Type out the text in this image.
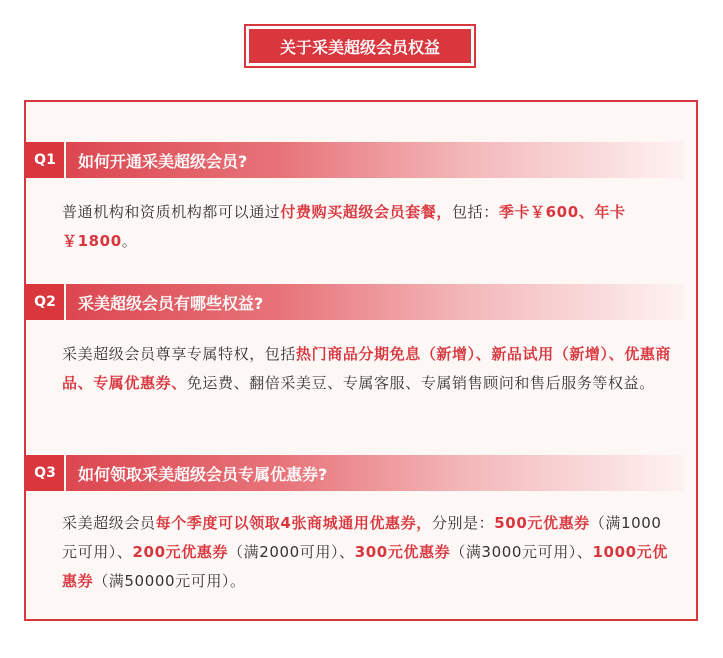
关于采美超级会员权益
Q1	如何开通采美超级会员?
普通机构和资质机构都可以通过付费购买超级会员套餐，包括：季卡￥600、年卡￥1800。
Q2	采美超级会员有哪些权益?
采美超级会员尊享专属特权，包括热门商品分期免息（新增）、新品试用（新增）、优惠商品、专属优惠券、免运费、翻倍采美豆、专属客服、专属销售顾问和售后服务等权益。
Q3	如何领取采美超级会员专属优惠券?
采美超级会员每个季度可以领取4张商城通用优惠券，分别是：500元优惠券（满1000元可用）、200元优惠券（满2000可用）、300元优惠券（满3000元可用）、1000元优惠券（满50000元可用）。
